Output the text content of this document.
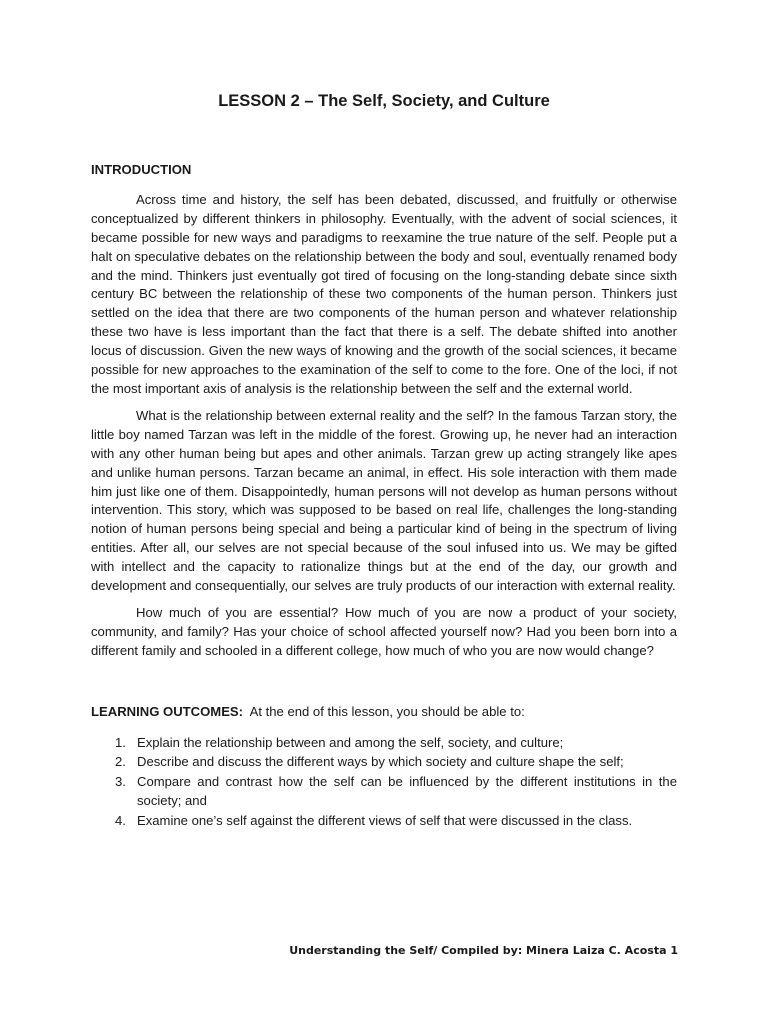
LESSON 2 – The Self, Society, and Culture

INTRODUCTION

Across time and history, the self has been debated, discussed, and fruitfully or otherwise conceptualized by different thinkers in philosophy. Eventually, with the advent of social sciences, it became possible for new ways and paradigms to reexamine the true nature of the self. People put a halt on speculative debates on the relationship between the body and soul, eventually renamed body and the mind. Thinkers just eventually got tired of focusing on the long-standing debate since sixth century BC between the relationship of these two components of the human person. Thinkers just settled on the idea that there are two components of the human person and whatever relationship these two have is less important than the fact that there is a self. The debate shifted into another locus of discussion. Given the new ways of knowing and the growth of the social sciences, it became possible for new approaches to the examination of the self to come to the fore. One of the loci, if not the most important axis of analysis is the relationship between the self and the external world.

What is the relationship between external reality and the self? In the famous Tarzan story, the little boy named Tarzan was left in the middle of the forest. Growing up, he never had an interaction with any other human being but apes and other animals. Tarzan grew up acting strangely like apes and unlike human persons. Tarzan became an animal, in effect. His sole interaction with them made him just like one of them. Disappointedly, human persons will not develop as human persons without intervention. This story, which was supposed to be based on real life, challenges the long-standing notion of human persons being special and being a particular kind of being in the spectrum of living entities. After all, our selves are not special because of the soul infused into us. We may be gifted with intellect and the capacity to rationalize things but at the end of the day, our growth and development and consequentially, our selves are truly products of our interaction with external reality.

How much of you are essential? How much of you are now a product of your society, community, and family? Has your choice of school affected yourself now? Had you been born into a different family and schooled in a different college, how much of who you are now would change?

LEARNING OUTCOMES: At the end of this lesson, you should be able to:

1. Explain the relationship between and among the self, society, and culture;
2. Describe and discuss the different ways by which society and culture shape the self;
3. Compare and contrast how the self can be influenced by the different institutions in the society; and
4. Examine one’s self against the different views of self that were discussed in the class.

Understanding the Self/ Compiled by: Minera Laiza C. Acosta 1
